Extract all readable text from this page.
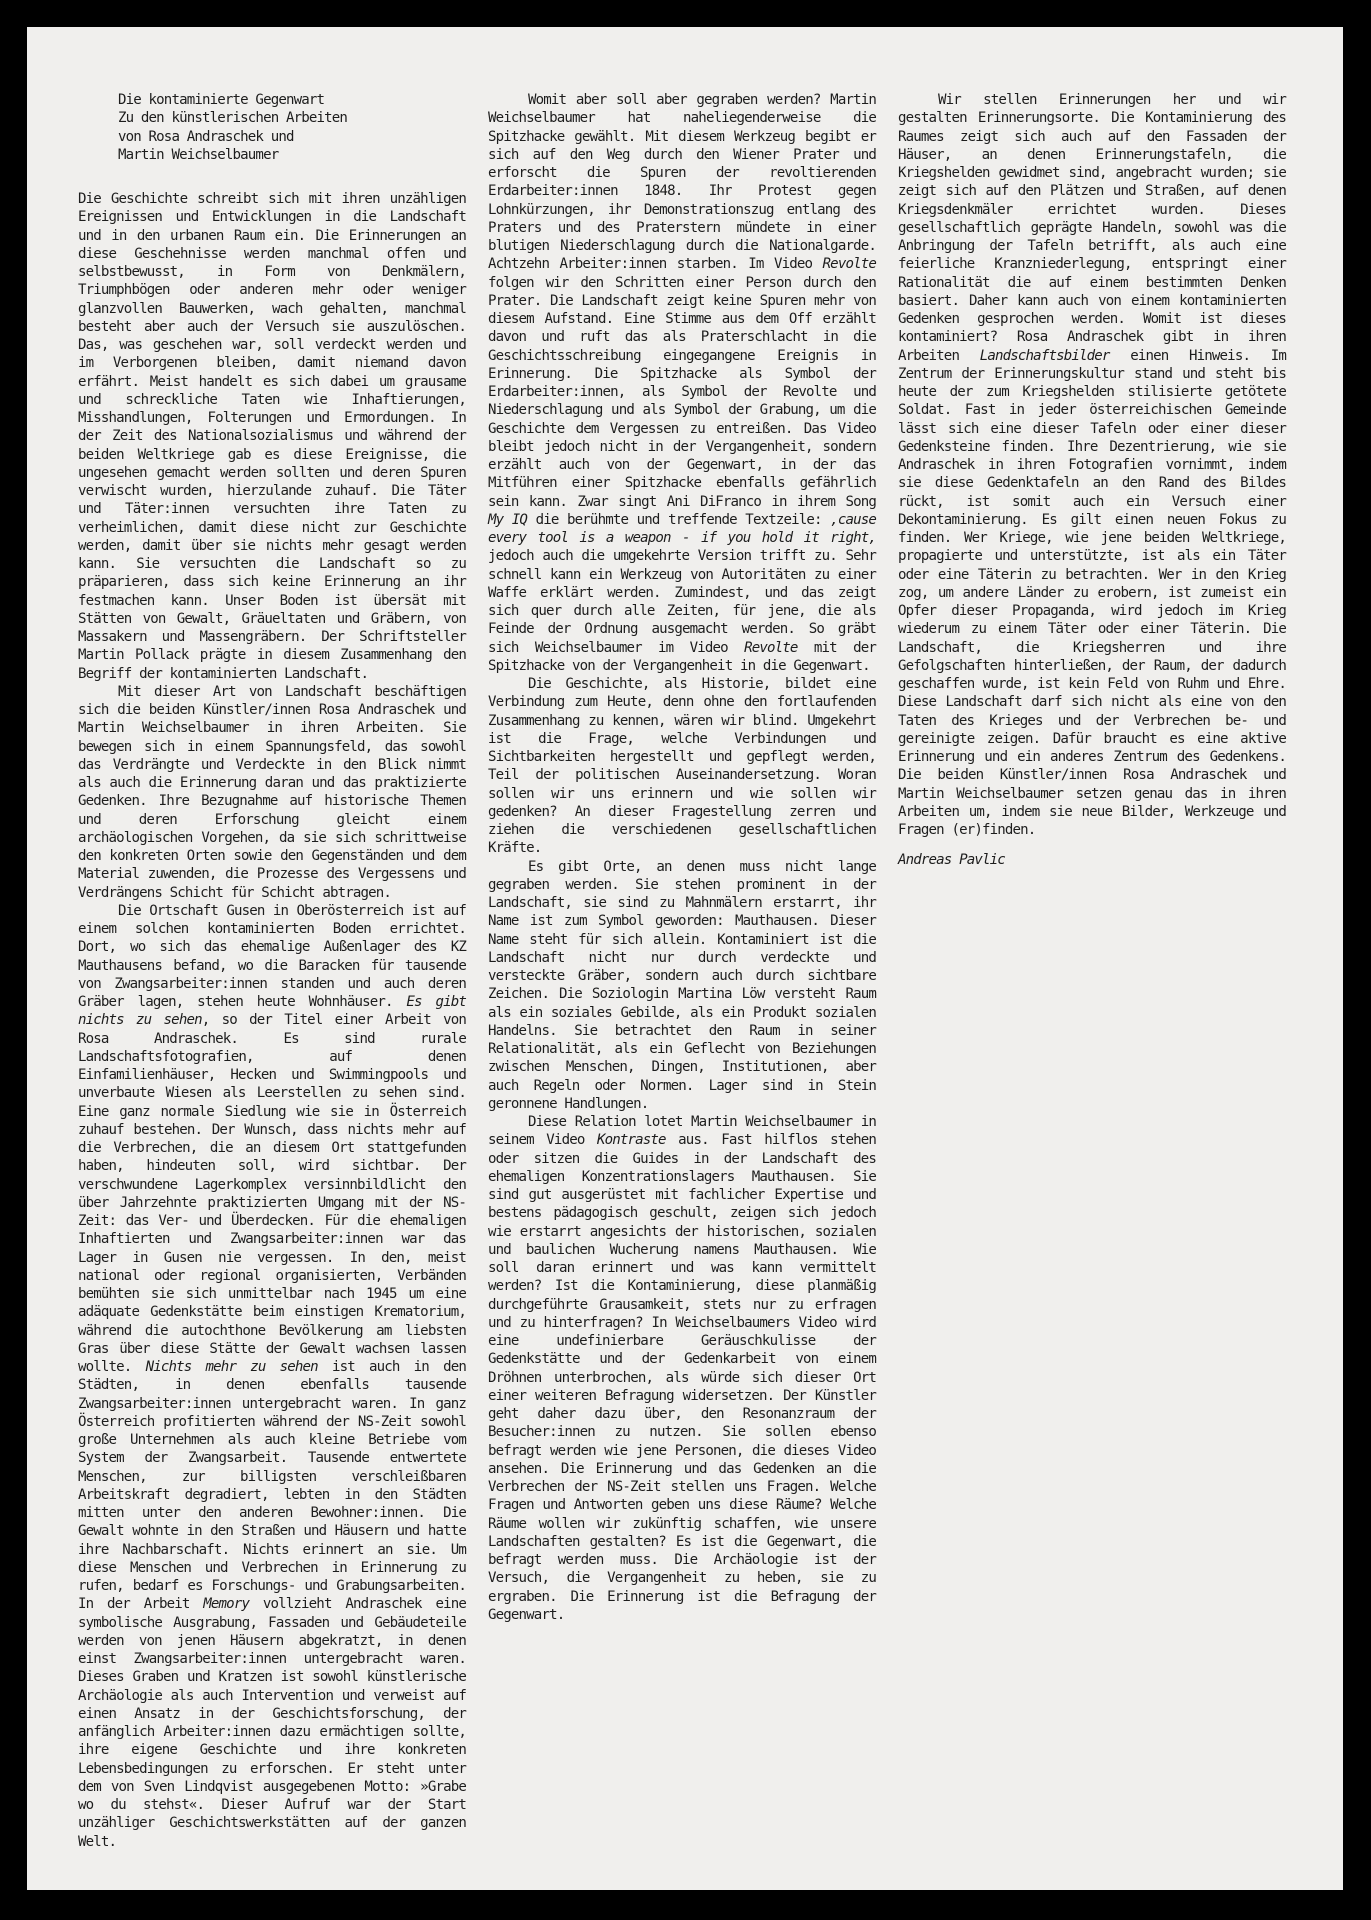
Die kontaminierte Gegenwart
Zu den künstlerischen Arbeiten
von Rosa Andraschek und
Martin Weichselbaumer

Die Geschichte schreibt sich mit ihren unzähligen Ereignissen und Entwicklungen in die Landschaft und in den urbanen Raum ein. Die Erinnerungen an diese Geschehnisse werden manchmal offen und selbstbewusst, in Form von Denkmälern, Triumphbögen oder anderen mehr oder weniger glanzvollen Bauwerken, wach gehalten, manchmal besteht aber auch der Versuch sie auszulöschen. Das, was geschehen war, soll verdeckt werden und im Verborgenen bleiben, damit niemand davon erfährt. Meist handelt es sich dabei um grausame und schreckliche Taten wie Inhaftierungen, Misshandlungen, Folterungen und Ermordungen. In der Zeit des Nationalsozialismus und während der beiden Weltkriege gab es diese Ereignisse, die ungesehen gemacht werden sollten und deren Spuren verwischt wurden, hierzulande zuhauf. Die Täter und Täter:innen versuchten ihre Taten zu verheimlichen, damit diese nicht zur Geschichte werden, damit über sie nichts mehr gesagt werden kann. Sie versuchten die Landschaft so zu präparieren, dass sich keine Erinnerung an ihr festmachen kann. Unser Boden ist übersät mit Stätten von Gewalt, Gräueltaten und Gräbern, von Massakern und Massengräbern. Der Schriftsteller Martin Pollack prägte in diesem Zusammenhang den Begriff der kontaminierten Landschaft.

Mit dieser Art von Landschaft beschäftigen sich die beiden Künstler/innen Rosa Andraschek und Martin Weichselbaumer in ihren Arbeiten. Sie bewegen sich in einem Spannungsfeld, das sowohl das Verdrängte und Verdeckte in den Blick nimmt als auch die Erinnerung daran und das praktizierte Gedenken. Ihre Bezugnahme auf historische Themen und deren Erforschung gleicht einem archäologischen Vorgehen, da sie sich schrittweise den konkreten Orten sowie den Gegenständen und dem Material zuwenden, die Prozesse des Vergessens und Verdrängens Schicht für Schicht abtragen.

Die Ortschaft Gusen in Oberösterreich ist auf einem solchen kontaminierten Boden errichtet. Dort, wo sich das ehemalige Außenlager des KZ Mauthausens befand, wo die Baracken für tausende von Zwangsarbeiter:innen standen und auch deren Gräber lagen, stehen heute Wohnhäuser. Es gibt nichts zu sehen, so der Titel einer Arbeit von Rosa Andraschek. Es sind rurale Landschaftsfotografien, auf denen Einfamilienhäuser, Hecken und Swimmingpools und unverbaute Wiesen als Leerstellen zu sehen sind. Eine ganz normale Siedlung wie sie in Österreich zuhauf bestehen. Der Wunsch, dass nichts mehr auf die Verbrechen, die an diesem Ort stattgefunden haben, hindeuten soll, wird sichtbar. Der verschwundene Lagerkomplex versinnbildlicht den über Jahrzehnte praktizierten Umgang mit der NS-Zeit: das Ver- und Überdecken. Für die ehemaligen Inhaftierten und Zwangsarbeiter:innen war das Lager in Gusen nie vergessen. In den, meist national oder regional organisierten, Verbänden bemühten sie sich unmittelbar nach 1945 um eine adäquate Gedenkstätte beim einstigen Krematorium, während die autochthone Bevölkerung am liebsten Gras über diese Stätte der Gewalt wachsen lassen wollte. Nichts mehr zu sehen ist auch in den Städten, in denen ebenfalls tausende Zwangsarbeiter:innen untergebracht waren. In ganz Österreich profitierten während der NS-Zeit sowohl große Unternehmen als auch kleine Betriebe vom System der Zwangsarbeit. Tausende entwertete Menschen, zur billigsten verschleißbaren Arbeitskraft degradiert, lebten in den Städten mitten unter den anderen Bewohner:innen. Die Gewalt wohnte in den Straßen und Häusern und hatte ihre Nachbarschaft. Nichts erinnert an sie. Um diese Menschen und Verbrechen in Erinnerung zu rufen, bedarf es Forschungs- und Grabungsarbeiten. In der Arbeit Memory vollzieht Andraschek eine symbolische Ausgrabung, Fassaden und Gebäudeteile werden von jenen Häusern abgekratzt, in denen einst Zwangsarbeiter:innen untergebracht waren. Dieses Graben und Kratzen ist sowohl künstlerische Archäologie als auch Intervention und verweist auf einen Ansatz in der Geschichtsforschung, der anfänglich Arbeiter:innen dazu ermächtigen sollte, ihre eigene Geschichte und ihre konkreten Lebensbedingungen zu erforschen. Er steht unter dem von Sven Lindqvist ausgegebenen Motto: »Grabe wo du stehst«. Dieser Aufruf war der Start unzähliger Geschichtswerkstätten auf der ganzen Welt.

Womit aber soll aber gegraben werden? Martin Weichselbaumer hat naheliegenderweise die Spitzhacke gewählt. Mit diesem Werkzeug begibt er sich auf den Weg durch den Wiener Prater und erforscht die Spuren der revoltierenden Erdarbeiter:innen 1848. Ihr Protest gegen Lohnkürzungen, ihr Demonstrationszug entlang des Praters und des Praterstern mündete in einer blutigen Niederschlagung durch die Nationalgarde. Achtzehn Arbeiter:innen starben. Im Video Revolte folgen wir den Schritten einer Person durch den Prater. Die Landschaft zeigt keine Spuren mehr von diesem Aufstand. Eine Stimme aus dem Off erzählt davon und ruft das als Praterschlacht in die Geschichtsschreibung eingegangene Ereignis in Erinnerung. Die Spitzhacke als Symbol der Erdarbeiter:innen, als Symbol der Revolte und Niederschlagung und als Symbol der Grabung, um die Geschichte dem Vergessen zu entreißen. Das Video bleibt jedoch nicht in der Vergangenheit, sondern erzählt auch von der Gegenwart, in der das Mitführen einer Spitzhacke ebenfalls gefährlich sein kann. Zwar singt Ani DiFranco in ihrem Song My IQ die berühmte und treffende Textzeile: ‚cause every tool is a weapon - if you hold it right, jedoch auch die umgekehrte Version trifft zu. Sehr schnell kann ein Werkzeug von Autoritäten zu einer Waffe erklärt werden. Zumindest, und das zeigt sich quer durch alle Zeiten, für jene, die als Feinde der Ordnung ausgemacht werden. So gräbt sich Weichselbaumer im Video Revolte mit der Spitzhacke von der Vergangenheit in die Gegenwart.

Die Geschichte, als Historie, bildet eine Verbindung zum Heute, denn ohne den fortlaufenden Zusammenhang zu kennen, wären wir blind. Umgekehrt ist die Frage, welche Verbindungen und Sichtbarkeiten hergestellt und gepflegt werden, Teil der politischen Auseinandersetzung. Woran sollen wir uns erinnern und wie sollen wir gedenken? An dieser Fragestellung zerren und ziehen die verschiedenen gesellschaftlichen Kräfte.

Es gibt Orte, an denen muss nicht lange gegraben werden. Sie stehen prominent in der Landschaft, sie sind zu Mahnmälern erstarrt, ihr Name ist zum Symbol geworden: Mauthausen. Dieser Name steht für sich allein. Kontaminiert ist die Landschaft nicht nur durch verdeckte und versteckte Gräber, sondern auch durch sichtbare Zeichen. Die Soziologin Martina Löw versteht Raum als ein soziales Gebilde, als ein Produkt sozialen Handelns. Sie betrachtet den Raum in seiner Relationalität, als ein Geflecht von Beziehungen zwischen Menschen, Dingen, Institutionen, aber auch Regeln oder Normen. Lager sind in Stein geronnene Handlungen.

Diese Relation lotet Martin Weichselbaumer in seinem Video Kontraste aus. Fast hilflos stehen oder sitzen die Guides in der Landschaft des ehemaligen Konzentrationslagers Mauthausen. Sie sind gut ausgerüstet mit fachlicher Expertise und bestens pädagogisch geschult, zeigen sich jedoch wie erstarrt angesichts der historischen, sozialen und baulichen Wucherung namens Mauthausen. Wie soll daran erinnert und was kann vermittelt werden? Ist die Kontaminierung, diese planmäßig durchgeführte Grausamkeit, stets nur zu erfragen und zu hinterfragen? In Weichselbaumers Video wird eine undefinierbare Geräuschkulisse der Gedenkstätte und der Gedenkarbeit von einem Dröhnen unterbrochen, als würde sich dieser Ort einer weiteren Befragung widersetzen. Der Künstler geht daher dazu über, den Resonanzraum der Besucher:innen zu nutzen. Sie sollen ebenso befragt werden wie jene Personen, die dieses Video ansehen. Die Erinnerung und das Gedenken an die Verbrechen der NS-Zeit stellen uns Fragen. Welche Fragen und Antworten geben uns diese Räume? Welche Räume wollen wir zukünftig schaffen, wie unsere Landschaften gestalten? Es ist die Gegenwart, die befragt werden muss. Die Archäologie ist der Versuch, die Vergangenheit zu heben, sie zu ergraben. Die Erinnerung ist die Befragung der Gegenwart.

Wir stellen Erinnerungen her und wir gestalten Erinnerungsorte. Die Kontaminierung des Raumes zeigt sich auch auf den Fassaden der Häuser, an denen Erinnerungstafeln, die Kriegshelden gewidmet sind, angebracht wurden; sie zeigt sich auf den Plätzen und Straßen, auf denen Kriegsdenkmäler errichtet wurden. Dieses gesellschaftlich geprägte Handeln, sowohl was die Anbringung der Tafeln betrifft, als auch eine feierliche Kranzniederlegung, entspringt einer Rationalität die auf einem bestimmten Denken basiert. Daher kann auch von einem kontaminierten Gedenken gesprochen werden. Womit ist dieses kontaminiert? Rosa Andraschek gibt in ihren Arbeiten Landschaftsbilder einen Hinweis. Im Zentrum der Erinnerungskultur stand und steht bis heute der zum Kriegshelden stilisierte getötete Soldat. Fast in jeder österreichischen Gemeinde lässt sich eine dieser Tafeln oder einer dieser Gedenksteine finden. Ihre Dezentrierung, wie sie Andraschek in ihren Fotografien vornimmt, indem sie diese Gedenktafeln an den Rand des Bildes rückt, ist somit auch ein Versuch einer Dekontaminierung. Es gilt einen neuen Fokus zu finden. Wer Kriege, wie jene beiden Weltkriege, propagierte und unterstützte, ist als ein Täter oder eine Täterin zu betrachten. Wer in den Krieg zog, um andere Länder zu erobern, ist zumeist ein Opfer dieser Propaganda, wird jedoch im Krieg wiederum zu einem Täter oder einer Täterin. Die Landschaft, die Kriegsherren und ihre Gefolgschaften hinterließen, der Raum, der dadurch geschaffen wurde, ist kein Feld von Ruhm und Ehre. Diese Landschaft darf sich nicht als eine von den Taten des Krieges und der Verbrechen be- und gereinigte zeigen. Dafür braucht es eine aktive Erinnerung und ein anderes Zentrum des Gedenkens. Die beiden Künstler/innen Rosa Andraschek und Martin Weichselbaumer setzen genau das in ihren Arbeiten um, indem sie neue Bilder, Werkzeuge und Fragen (er)finden.

Andreas Pavlic
